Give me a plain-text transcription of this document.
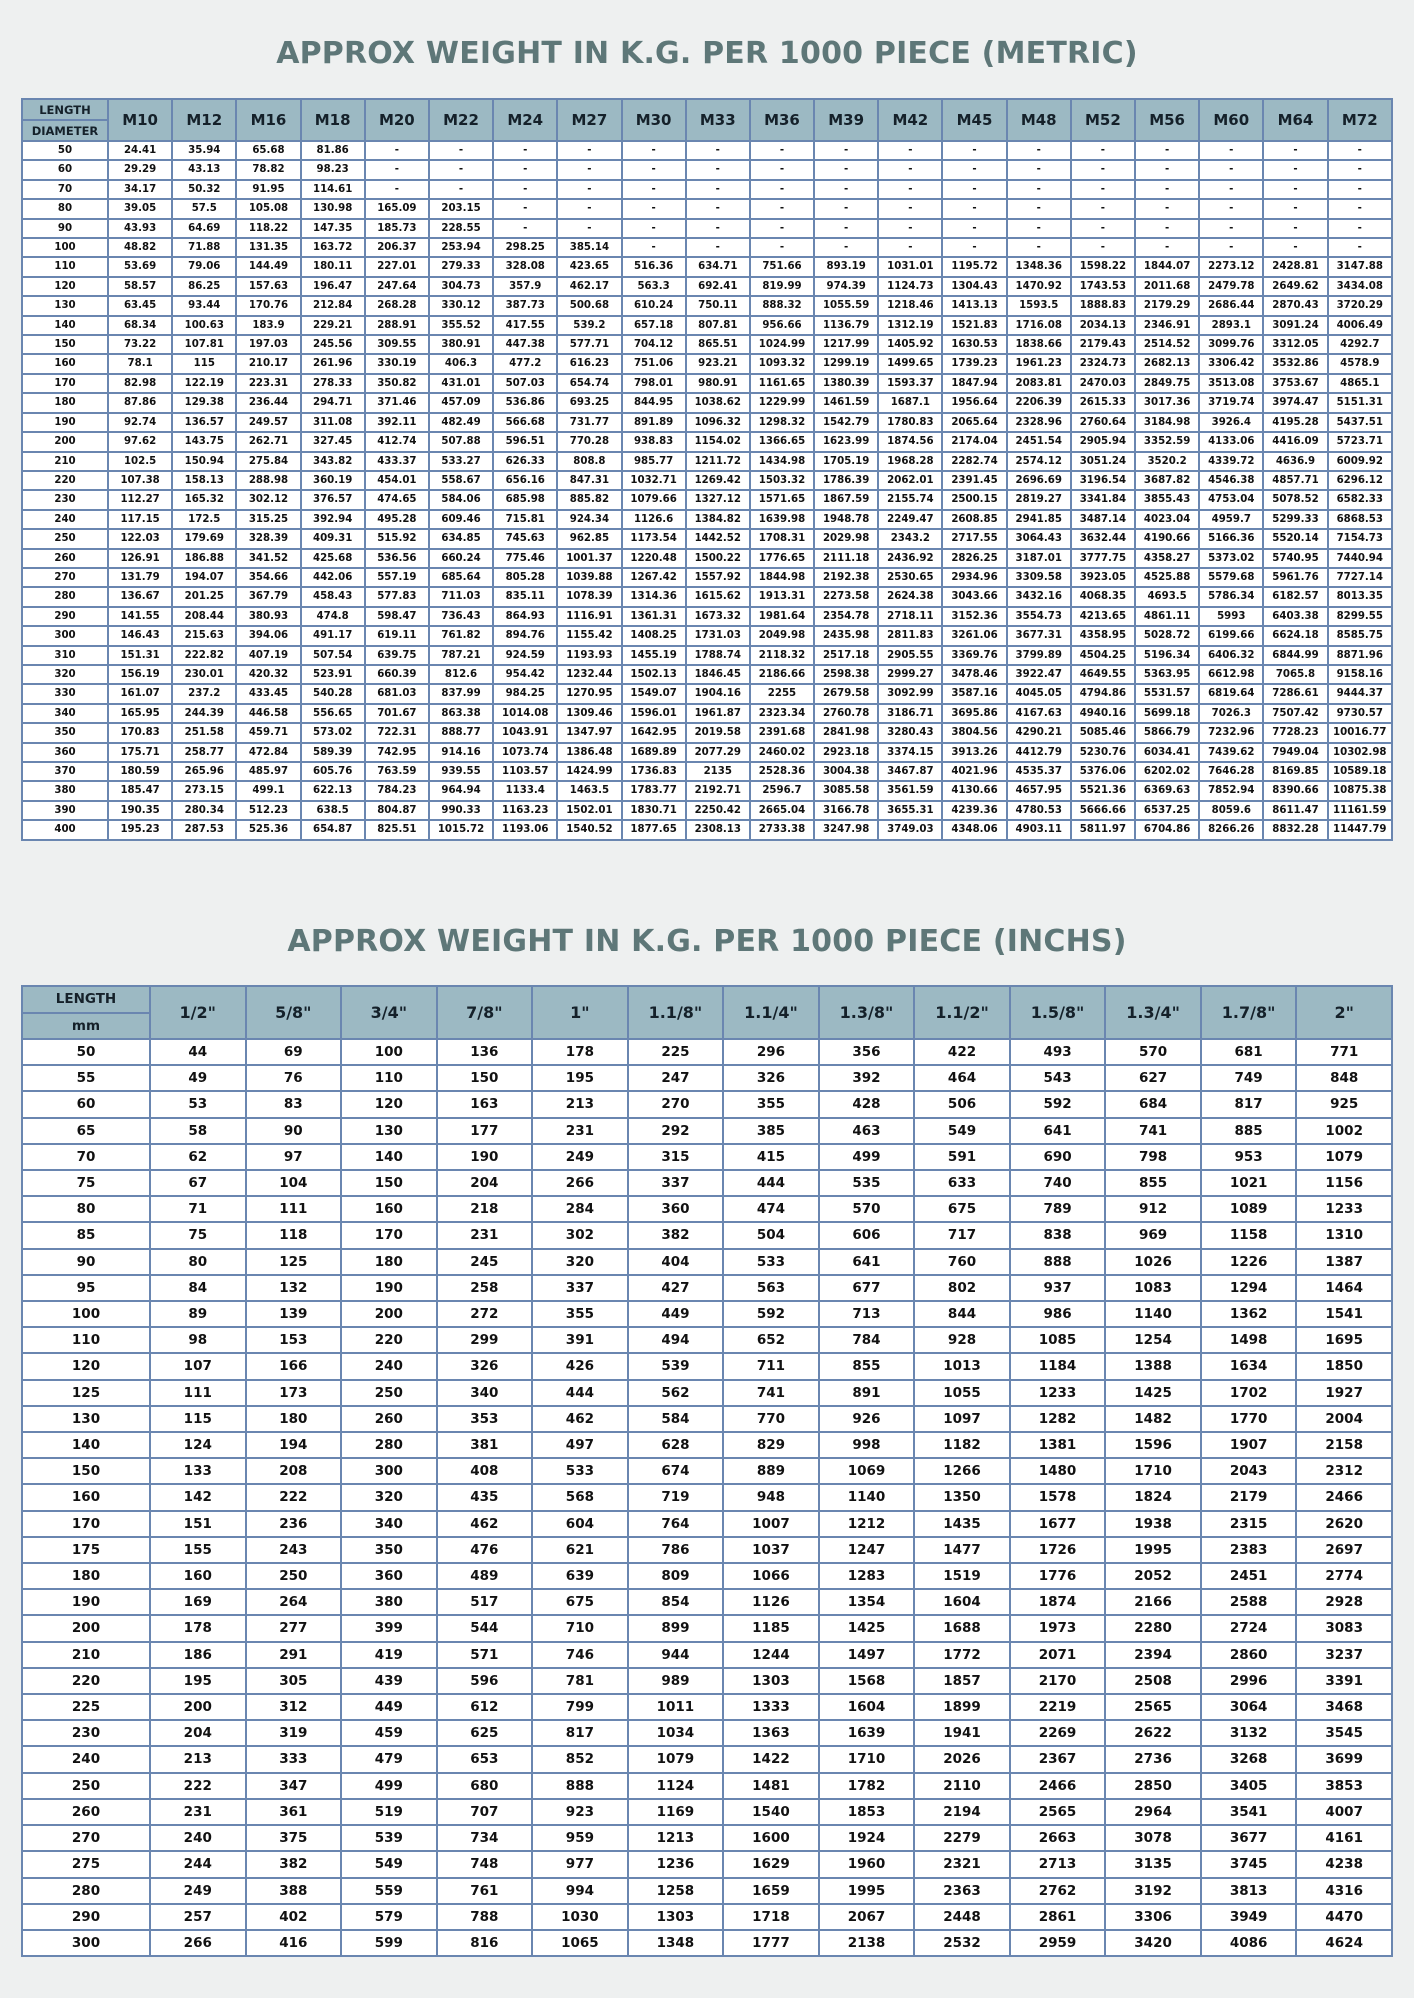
APPROX WEIGHT IN K.G. PER 1000 PIECE (METRIC)
LENGTH	M10	M12	M16	M18	M20	M22	M24	M27	M30	M33	M36	M39	M42	M45	M48	M52	M56	M60	M64	M72
DIAMETER																				
50	24.41	35.94	65.68	81.86	-	-	-	-	-	-	-	-	-	-	-	-	-	-	-	-
60	29.29	43.13	78.82	98.23	-	-	-	-	-	-	-	-	-	-	-	-	-	-	-	-
70	34.17	50.32	91.95	114.61	-	-	-	-	-	-	-	-	-	-	-	-	-	-	-	-
80	39.05	57.5	105.08	130.98	165.09	203.15	-	-	-	-	-	-	-	-	-	-	-	-	-	-
90	43.93	64.69	118.22	147.35	185.73	228.55	-	-	-	-	-	-	-	-	-	-	-	-	-	-
100	48.82	71.88	131.35	163.72	206.37	253.94	298.25	385.14	-	-	-	-	-	-	-	-	-	-	-	-
110	53.69	79.06	144.49	180.11	227.01	279.33	328.08	423.65	516.36	634.71	751.66	893.19	1031.01	1195.72	1348.36	1598.22	1844.07	2273.12	2428.81	3147.88
120	58.57	86.25	157.63	196.47	247.64	304.73	357.9	462.17	563.3	692.41	819.99	974.39	1124.73	1304.43	1470.92	1743.53	2011.68	2479.78	2649.62	3434.08
130	63.45	93.44	170.76	212.84	268.28	330.12	387.73	500.68	610.24	750.11	888.32	1055.59	1218.46	1413.13	1593.5	1888.83	2179.29	2686.44	2870.43	3720.29
140	68.34	100.63	183.9	229.21	288.91	355.52	417.55	539.2	657.18	807.81	956.66	1136.79	1312.19	1521.83	1716.08	2034.13	2346.91	2893.1	3091.24	4006.49
150	73.22	107.81	197.03	245.56	309.55	380.91	447.38	577.71	704.12	865.51	1024.99	1217.99	1405.92	1630.53	1838.66	2179.43	2514.52	3099.76	3312.05	4292.7
160	78.1	115	210.17	261.96	330.19	406.3	477.2	616.23	751.06	923.21	1093.32	1299.19	1499.65	1739.23	1961.23	2324.73	2682.13	3306.42	3532.86	4578.9
170	82.98	122.19	223.31	278.33	350.82	431.01	507.03	654.74	798.01	980.91	1161.65	1380.39	1593.37	1847.94	2083.81	2470.03	2849.75	3513.08	3753.67	4865.1
180	87.86	129.38	236.44	294.71	371.46	457.09	536.86	693.25	844.95	1038.62	1229.99	1461.59	1687.1	1956.64	2206.39	2615.33	3017.36	3719.74	3974.47	5151.31
190	92.74	136.57	249.57	311.08	392.11	482.49	566.68	731.77	891.89	1096.32	1298.32	1542.79	1780.83	2065.64	2328.96	2760.64	3184.98	3926.4	4195.28	5437.51
200	97.62	143.75	262.71	327.45	412.74	507.88	596.51	770.28	938.83	1154.02	1366.65	1623.99	1874.56	2174.04	2451.54	2905.94	3352.59	4133.06	4416.09	5723.71
210	102.5	150.94	275.84	343.82	433.37	533.27	626.33	808.8	985.77	1211.72	1434.98	1705.19	1968.28	2282.74	2574.12	3051.24	3520.2	4339.72	4636.9	6009.92
220	107.38	158.13	288.98	360.19	454.01	558.67	656.16	847.31	1032.71	1269.42	1503.32	1786.39	2062.01	2391.45	2696.69	3196.54	3687.82	4546.38	4857.71	6296.12
230	112.27	165.32	302.12	376.57	474.65	584.06	685.98	885.82	1079.66	1327.12	1571.65	1867.59	2155.74	2500.15	2819.27	3341.84	3855.43	4753.04	5078.52	6582.33
240	117.15	172.5	315.25	392.94	495.28	609.46	715.81	924.34	1126.6	1384.82	1639.98	1948.78	2249.47	2608.85	2941.85	3487.14	4023.04	4959.7	5299.33	6868.53
250	122.03	179.69	328.39	409.31	515.92	634.85	745.63	962.85	1173.54	1442.52	1708.31	2029.98	2343.2	2717.55	3064.43	3632.44	4190.66	5166.36	5520.14	7154.73
260	126.91	186.88	341.52	425.68	536.56	660.24	775.46	1001.37	1220.48	1500.22	1776.65	2111.18	2436.92	2826.25	3187.01	3777.75	4358.27	5373.02	5740.95	7440.94
270	131.79	194.07	354.66	442.06	557.19	685.64	805.28	1039.88	1267.42	1557.92	1844.98	2192.38	2530.65	2934.96	3309.58	3923.05	4525.88	5579.68	5961.76	7727.14
280	136.67	201.25	367.79	458.43	577.83	711.03	835.11	1078.39	1314.36	1615.62	1913.31	2273.58	2624.38	3043.66	3432.16	4068.35	4693.5	5786.34	6182.57	8013.35
290	141.55	208.44	380.93	474.8	598.47	736.43	864.93	1116.91	1361.31	1673.32	1981.64	2354.78	2718.11	3152.36	3554.73	4213.65	4861.11	5993	6403.38	8299.55
300	146.43	215.63	394.06	491.17	619.11	761.82	894.76	1155.42	1408.25	1731.03	2049.98	2435.98	2811.83	3261.06	3677.31	4358.95	5028.72	6199.66	6624.18	8585.75
310	151.31	222.82	407.19	507.54	639.75	787.21	924.59	1193.93	1455.19	1788.74	2118.32	2517.18	2905.55	3369.76	3799.89	4504.25	5196.34	6406.32	6844.99	8871.96
320	156.19	230.01	420.32	523.91	660.39	812.6	954.42	1232.44	1502.13	1846.45	2186.66	2598.38	2999.27	3478.46	3922.47	4649.55	5363.95	6612.98	7065.8	9158.16
330	161.07	237.2	433.45	540.28	681.03	837.99	984.25	1270.95	1549.07	1904.16	2255	2679.58	3092.99	3587.16	4045.05	4794.86	5531.57	6819.64	7286.61	9444.37
340	165.95	244.39	446.58	556.65	701.67	863.38	1014.08	1309.46	1596.01	1961.87	2323.34	2760.78	3186.71	3695.86	4167.63	4940.16	5699.18	7026.3	7507.42	9730.57
350	170.83	251.58	459.71	573.02	722.31	888.77	1043.91	1347.97	1642.95	2019.58	2391.68	2841.98	3280.43	3804.56	4290.21	5085.46	5866.79	7232.96	7728.23	10016.77
360	175.71	258.77	472.84	589.39	742.95	914.16	1073.74	1386.48	1689.89	2077.29	2460.02	2923.18	3374.15	3913.26	4412.79	5230.76	6034.41	7439.62	7949.04	10302.98
370	180.59	265.96	485.97	605.76	763.59	939.55	1103.57	1424.99	1736.83	2135	2528.36	3004.38	3467.87	4021.96	4535.37	5376.06	6202.02	7646.28	8169.85	10589.18
380	185.47	273.15	499.1	622.13	784.23	964.94	1133.4	1463.5	1783.77	2192.71	2596.7	3085.58	3561.59	4130.66	4657.95	5521.36	6369.63	7852.94	8390.66	10875.38
390	190.35	280.34	512.23	638.5	804.87	990.33	1163.23	1502.01	1830.71	2250.42	2665.04	3166.78	3655.31	4239.36	4780.53	5666.66	6537.25	8059.6	8611.47	11161.59
400	195.23	287.53	525.36	654.87	825.51	1015.72	1193.06	1540.52	1877.65	2308.13	2733.38	3247.98	3749.03	4348.06	4903.11	5811.97	6704.86	8266.26	8832.28	11447.79
APPROX WEIGHT IN K.G. PER 1000 PIECE (INCHS)
LENGTH	1/2"	5/8"	3/4"	7/8"	1"	1.1/8"	1.1/4"	1.3/8"	1.1/2"	1.5/8"	1.3/4"	1.7/8"	2"
mm													
50	44	69	100	136	178	225	296	356	422	493	570	681	771
55	49	76	110	150	195	247	326	392	464	543	627	749	848
60	53	83	120	163	213	270	355	428	506	592	684	817	925
65	58	90	130	177	231	292	385	463	549	641	741	885	1002
70	62	97	140	190	249	315	415	499	591	690	798	953	1079
75	67	104	150	204	266	337	444	535	633	740	855	1021	1156
80	71	111	160	218	284	360	474	570	675	789	912	1089	1233
85	75	118	170	231	302	382	504	606	717	838	969	1158	1310
90	80	125	180	245	320	404	533	641	760	888	1026	1226	1387
95	84	132	190	258	337	427	563	677	802	937	1083	1294	1464
100	89	139	200	272	355	449	592	713	844	986	1140	1362	1541
110	98	153	220	299	391	494	652	784	928	1085	1254	1498	1695
120	107	166	240	326	426	539	711	855	1013	1184	1388	1634	1850
125	111	173	250	340	444	562	741	891	1055	1233	1425	1702	1927
130	115	180	260	353	462	584	770	926	1097	1282	1482	1770	2004
140	124	194	280	381	497	628	829	998	1182	1381	1596	1907	2158
150	133	208	300	408	533	674	889	1069	1266	1480	1710	2043	2312
160	142	222	320	435	568	719	948	1140	1350	1578	1824	2179	2466
170	151	236	340	462	604	764	1007	1212	1435	1677	1938	2315	2620
175	155	243	350	476	621	786	1037	1247	1477	1726	1995	2383	2697
180	160	250	360	489	639	809	1066	1283	1519	1776	2052	2451	2774
190	169	264	380	517	675	854	1126	1354	1604	1874	2166	2588	2928
200	178	277	399	544	710	899	1185	1425	1688	1973	2280	2724	3083
210	186	291	419	571	746	944	1244	1497	1772	2071	2394	2860	3237
220	195	305	439	596	781	989	1303	1568	1857	2170	2508	2996	3391
225	200	312	449	612	799	1011	1333	1604	1899	2219	2565	3064	3468
230	204	319	459	625	817	1034	1363	1639	1941	2269	2622	3132	3545
240	213	333	479	653	852	1079	1422	1710	2026	2367	2736	3268	3699
250	222	347	499	680	888	1124	1481	1782	2110	2466	2850	3405	3853
260	231	361	519	707	923	1169	1540	1853	2194	2565	2964	3541	4007
270	240	375	539	734	959	1213	1600	1924	2279	2663	3078	3677	4161
275	244	382	549	748	977	1236	1629	1960	2321	2713	3135	3745	4238
280	249	388	559	761	994	1258	1659	1995	2363	2762	3192	3813	4316
290	257	402	579	788	1030	1303	1718	2067	2448	2861	3306	3949	4470
300	266	416	599	816	1065	1348	1777	2138	2532	2959	3420	4086	4624
